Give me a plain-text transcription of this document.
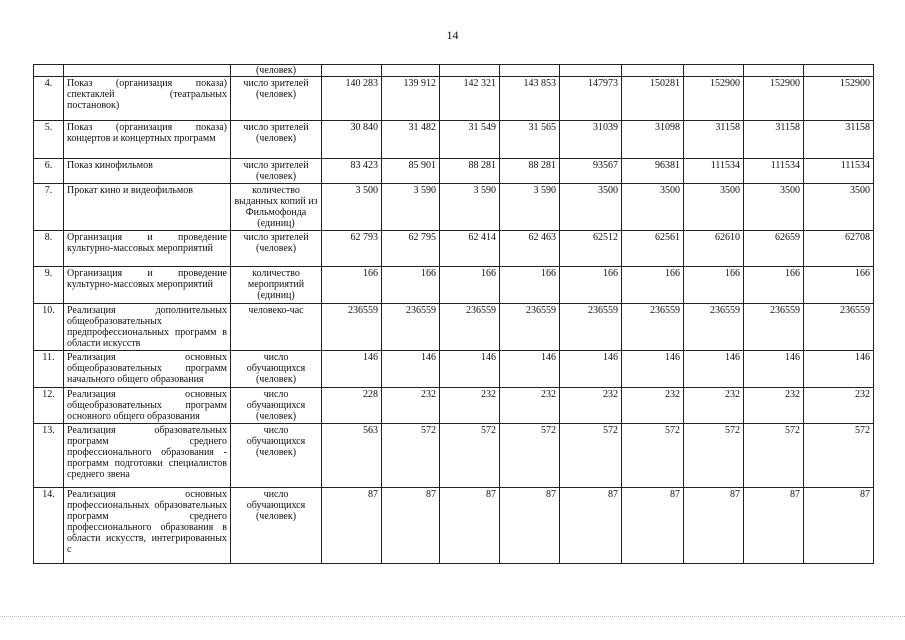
14
		(человек)									
4.	Показ (организация показа) спектаклей (театральных постановок)	число зрителей (человек)	140 283	139 912	142 321	143 853	147973	150281	152900	152900	152900
5.	Показ (организация показа) концертов и концертных программ	число зрителей (человек)	30 840	31 482	31 549	31 565	31039	31098	31158	31158	31158
6.	Показ кинофильмов	число зрителей (человек)	83 423	85 901	88 281	88 281	93567	96381	111534	111534	111534
7.	Прокат кино и видеофильмов	количество выданных копий из Фильмофонда (единиц)	3 500	3 590	3 590	3 590	3500	3500	3500	3500	3500
8.	Организация и проведение культурно-массовых мероприятий	число зрителей (человек)	62 793	62 795	62 414	62 463	62512	62561	62610	62659	62708
9.	Организация и проведение культурно-массовых мероприятий	количество мероприятий (единиц)	166	166	166	166	166	166	166	166	166
10.	Реализация дополнительных общеобразовательных предпрофессиональных программ в области искусств	человеко-час	236559	236559	236559	236559	236559	236559	236559	236559	236559
11.	Реализация основных общеобразовательных программ начального общего образования	число обучающихся (человек)	146	146	146	146	146	146	146	146	146
12.	Реализация основных общеобразовательных программ основного общего образования	число обучающихся (человек)	228	232	232	232	232	232	232	232	232
13.	Реализация образовательных программ среднего профессионального образования - программ подготовки специалистов среднего звена	число обучающихся (человек)	563	572	572	572	572	572	572	572	572
14.	Реализация основных профессиональных образовательных программ среднего профессионального образования в области искусств, интегрированных с	число обучающихся (человек)	87	87	87	87	87	87	87	87	87
